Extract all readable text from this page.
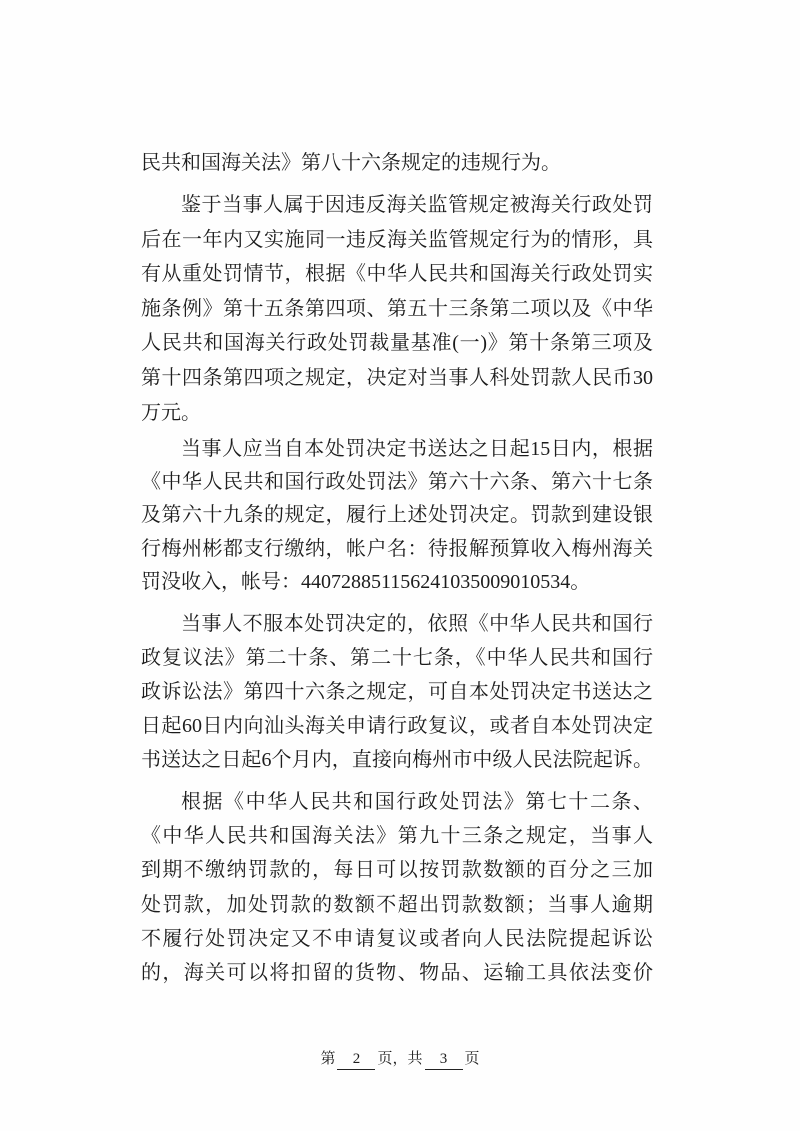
民共和国海关法》第八十六条规定的违规行为。
鉴于当事人属于因违反海关监管规定被海关行政处罚
后在一年内又实施同一违反海关监管规定行为的情形，具
有从重处罚情节，根据《中华人民共和国海关行政处罚实
施条例》第十五条第四项、第五十三条第二项以及《中华
人民共和国海关行政处罚裁量基准(一)》第十条第三项及
第十四条第四项之规定，决定对当事人科处罚款人民币30
万元。
当事人应当自本处罚决定书送达之日起15日内，根据
《中华人民共和国行政处罚法》第六十六条、第六十七条
及第六十九条的规定，履行上述处罚决定。罚款到建设银
行梅州彬都支行缴纳，帐户名：待报解预算收入梅州海关
罚没收入，帐号：440728851156241035009010534。
当事人不服本处罚决定的，依照《中华人民共和国行
政复议法》第二十条、第二十七条，《中华人民共和国行
政诉讼法》第四十六条之规定，可自本处罚决定书送达之
日起60日内向汕头海关申请行政复议，或者自本处罚决定
书送达之日起6个月内，直接向梅州市中级人民法院起诉。
根据《中华人民共和国行政处罚法》第七十二条、
《中华人民共和国海关法》第九十三条之规定，当事人
到期不缴纳罚款的，每日可以按罚款数额的百分之三加
处罚款，加处罚款的数额不超出罚款数额；当事人逾期
不履行处罚决定又不申请复议或者向人民法院提起诉讼
的，海关可以将扣留的货物、物品、运输工具依法变价
第 2 页，共 3 页
